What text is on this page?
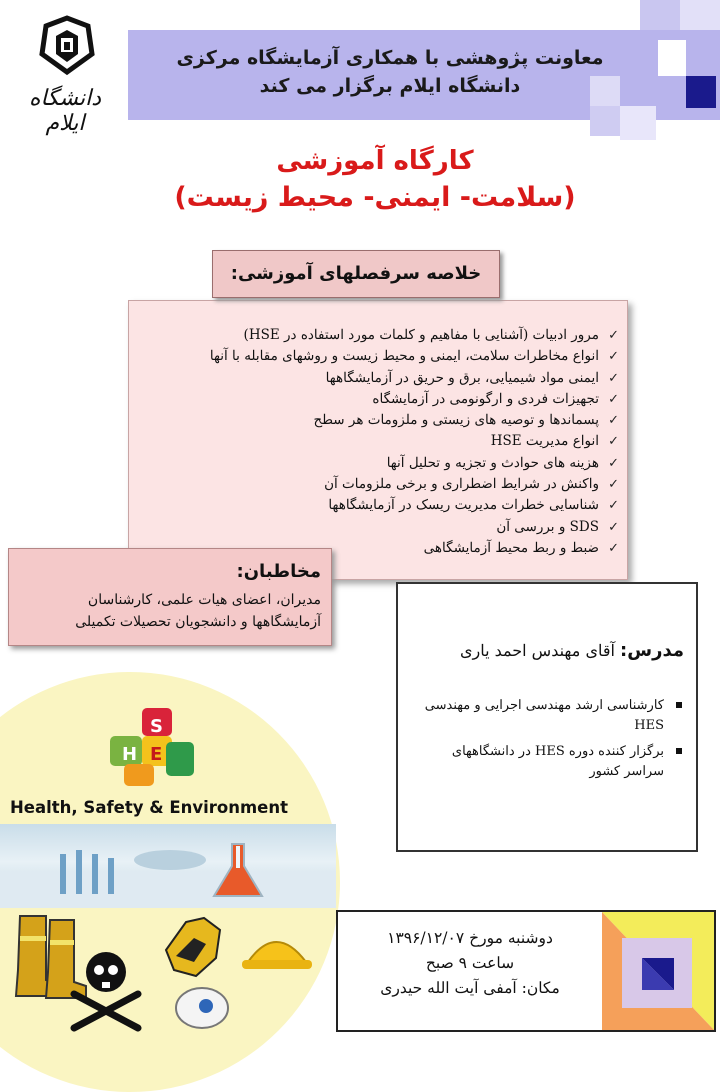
معاونت پژوهشی با همکاری آزمایشگاه مرکزی
دانشگاه ایلام برگزار می کند
دانشگاه ایلام
کارگاه آموزشی
(سلامت- ایمنی- محیط زیست)
✓
مرور ادبیات (آشنایی با مفاهیم و کلمات مورد استفاده در HSE)
✓
انواع مخاطرات سلامت، ایمنی و محیط زیست و روشهای مقابله با آنها
✓
ایمنی مواد شیمیایی، برق و حریق در آزمایشگاهها
✓
تجهیزات فردی و ارگونومی در آزمایشگاه
✓
پسماندها و توصیه های زیستی و ملزومات هر سطح
✓
انواع مدیریت HSE
✓
هزینه های حوادث و تجزیه و تحلیل آنها
✓
واکنش در شرایط اضطراری و برخی ملزومات آن
✓
شناسایی خطرات مدیریت ریسک در آزمایشگاهها
✓
SDS و بررسی آن
✓
ضبط و ربط محیط آزمایشگاهی
خلاصه سرفصلهای آموزشی:
مخاطبان:
مدیران، اعضای هیات علمی، کارشناسان آزمایشگاهها و دانشجویان تحصیلات تکمیلی
مدرس: آقای مهندس احمد یاری
کارشناسی ارشد مهندسی اجرایی و مهندسی HES
برگزار کننده دوره HES در دانشگاههای سراسر کشور
H
S
E
Health, Safety & Environment
دوشنبه مورخ ۱۳۹۶/۱۲/۰۷
ساعت ۹ صبح
مکان: آمفی آیت الله حیدری
